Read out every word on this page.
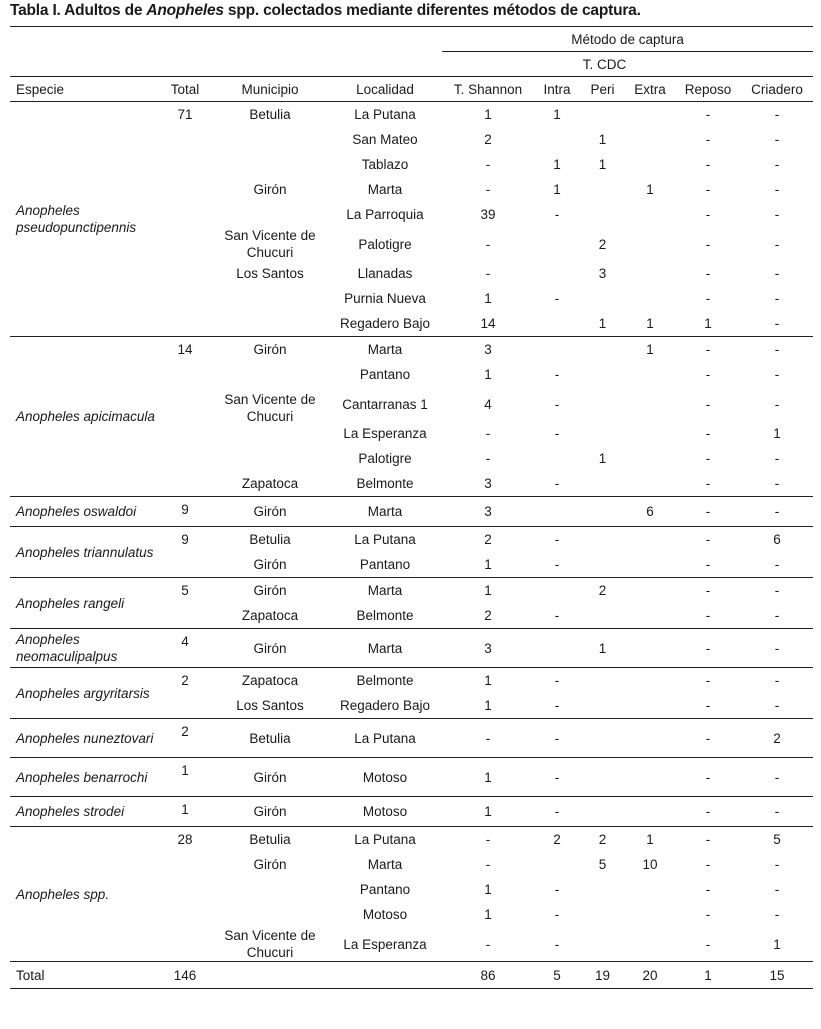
Tabla I. Adultos de Anopheles spp. colectados mediante diferentes métodos de captura.
				Método de captura					
					T. CDC				
Especie	Total	Municipio	Localidad	T. Shannon	Intra	Peri	Extra	Reposo	Criadero
Anopheles pseudopunctipennis	71	Betulia	La Putana	1	1			-	-
			San Mateo	2		1		-	-
			Tablazo	-	1	1		-	-
		Girón	Marta	-	1		1	-	-
			La Parroquia	39	-			-	-
		San Vicente de Chucuri	Palotigre	-		2		-	-
		Los Santos	Llanadas	-		3		-	-
			Purnia Nueva	1	-			-	-
			Regadero Bajo	14		1	1	1	-
Anopheles apicimacula	14	Girón	Marta	3			1	-	-
			Pantano	1	-			-	-
		San Vicente de Chucuri	Cantarranas 1	4	-			-	-
			La Esperanza	-	-			-	1
			Palotigre	-		1		-	-
		Zapatoca	Belmonte	3	-			-	-
Anopheles oswaldoi	9	Girón	Marta	3			6	-	-
Anopheles triannulatus	9	Betulia	La Putana	2	-			-	6
		Girón	Pantano	1	-			-	-
Anopheles rangeli	5	Girón	Marta	1		2		-	-
		Zapatoca	Belmonte	2	-			-	-
Anopheles neomaculipalpus	4	Girón	Marta	3		1		-	-
Anopheles argyritarsis	2	Zapatoca	Belmonte	1	-			-	-
		Los Santos	Regadero Bajo	1	-			-	-
Anopheles nuneztovari	2	Betulia	La Putana	-	-			-	2
Anopheles benarrochi	1	Girón	Motoso	1	-			-	-
Anopheles strodei	1	Girón	Motoso	1	-			-	-
Anopheles spp.	28	Betulia	La Putana	-	2	2	1	-	5
		Girón	Marta	-		5	10	-	-
			Pantano	1	-			-	-
			Motoso	1	-			-	-
		San Vicente de Chucuri	La Esperanza	-	-			-	1
Total	146			86	5	19	20	1	15
